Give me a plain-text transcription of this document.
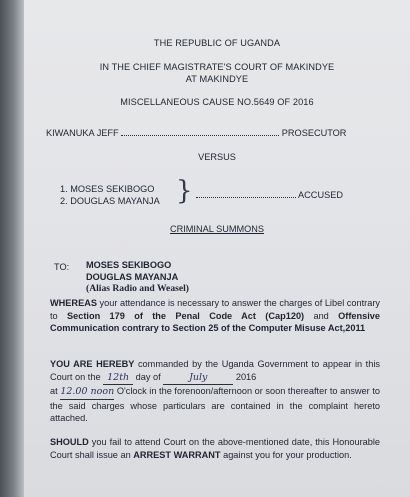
THE REPUBLIC OF UGANDA
IN THE CHIEF MAGISTRATE'S COURT OF MAKINDYE
AT MAKINDYE
MISCELLANEOUS CAUSE NO.5649 OF 2016
KIWANUKA JEFF	PROSECUTOR
VERSUS
1. MOSES SEKIBOGO
2. DOUGLAS MAYANJA }	ACCUSED
CRIMINAL SUMMONS
TO: MOSES SEKIBOGO
DOUGLAS MAYANJA
(Alias Radio and Weasel)
WHEREAS your attendance is necessary to answer the charges of Libel contrary to Section 179 of the Penal Code Act (Cap120) and Offensive Communication contrary to Section 25 of the Computer Misuse Act,2011
YOU ARE HEREBY commanded by the Uganda Government to appear in this Court on the 12th day of	July	2016
at 12.00 noon O'clock in the forenoon/afternoon or soon thereafter to answer to the said charges whose particulars are contained in the complaint hereto attached.
SHOULD you fail to attend Court on the above-mentioned date, this Honourable Court shall issue an ARREST WARRANT against you for your production.
